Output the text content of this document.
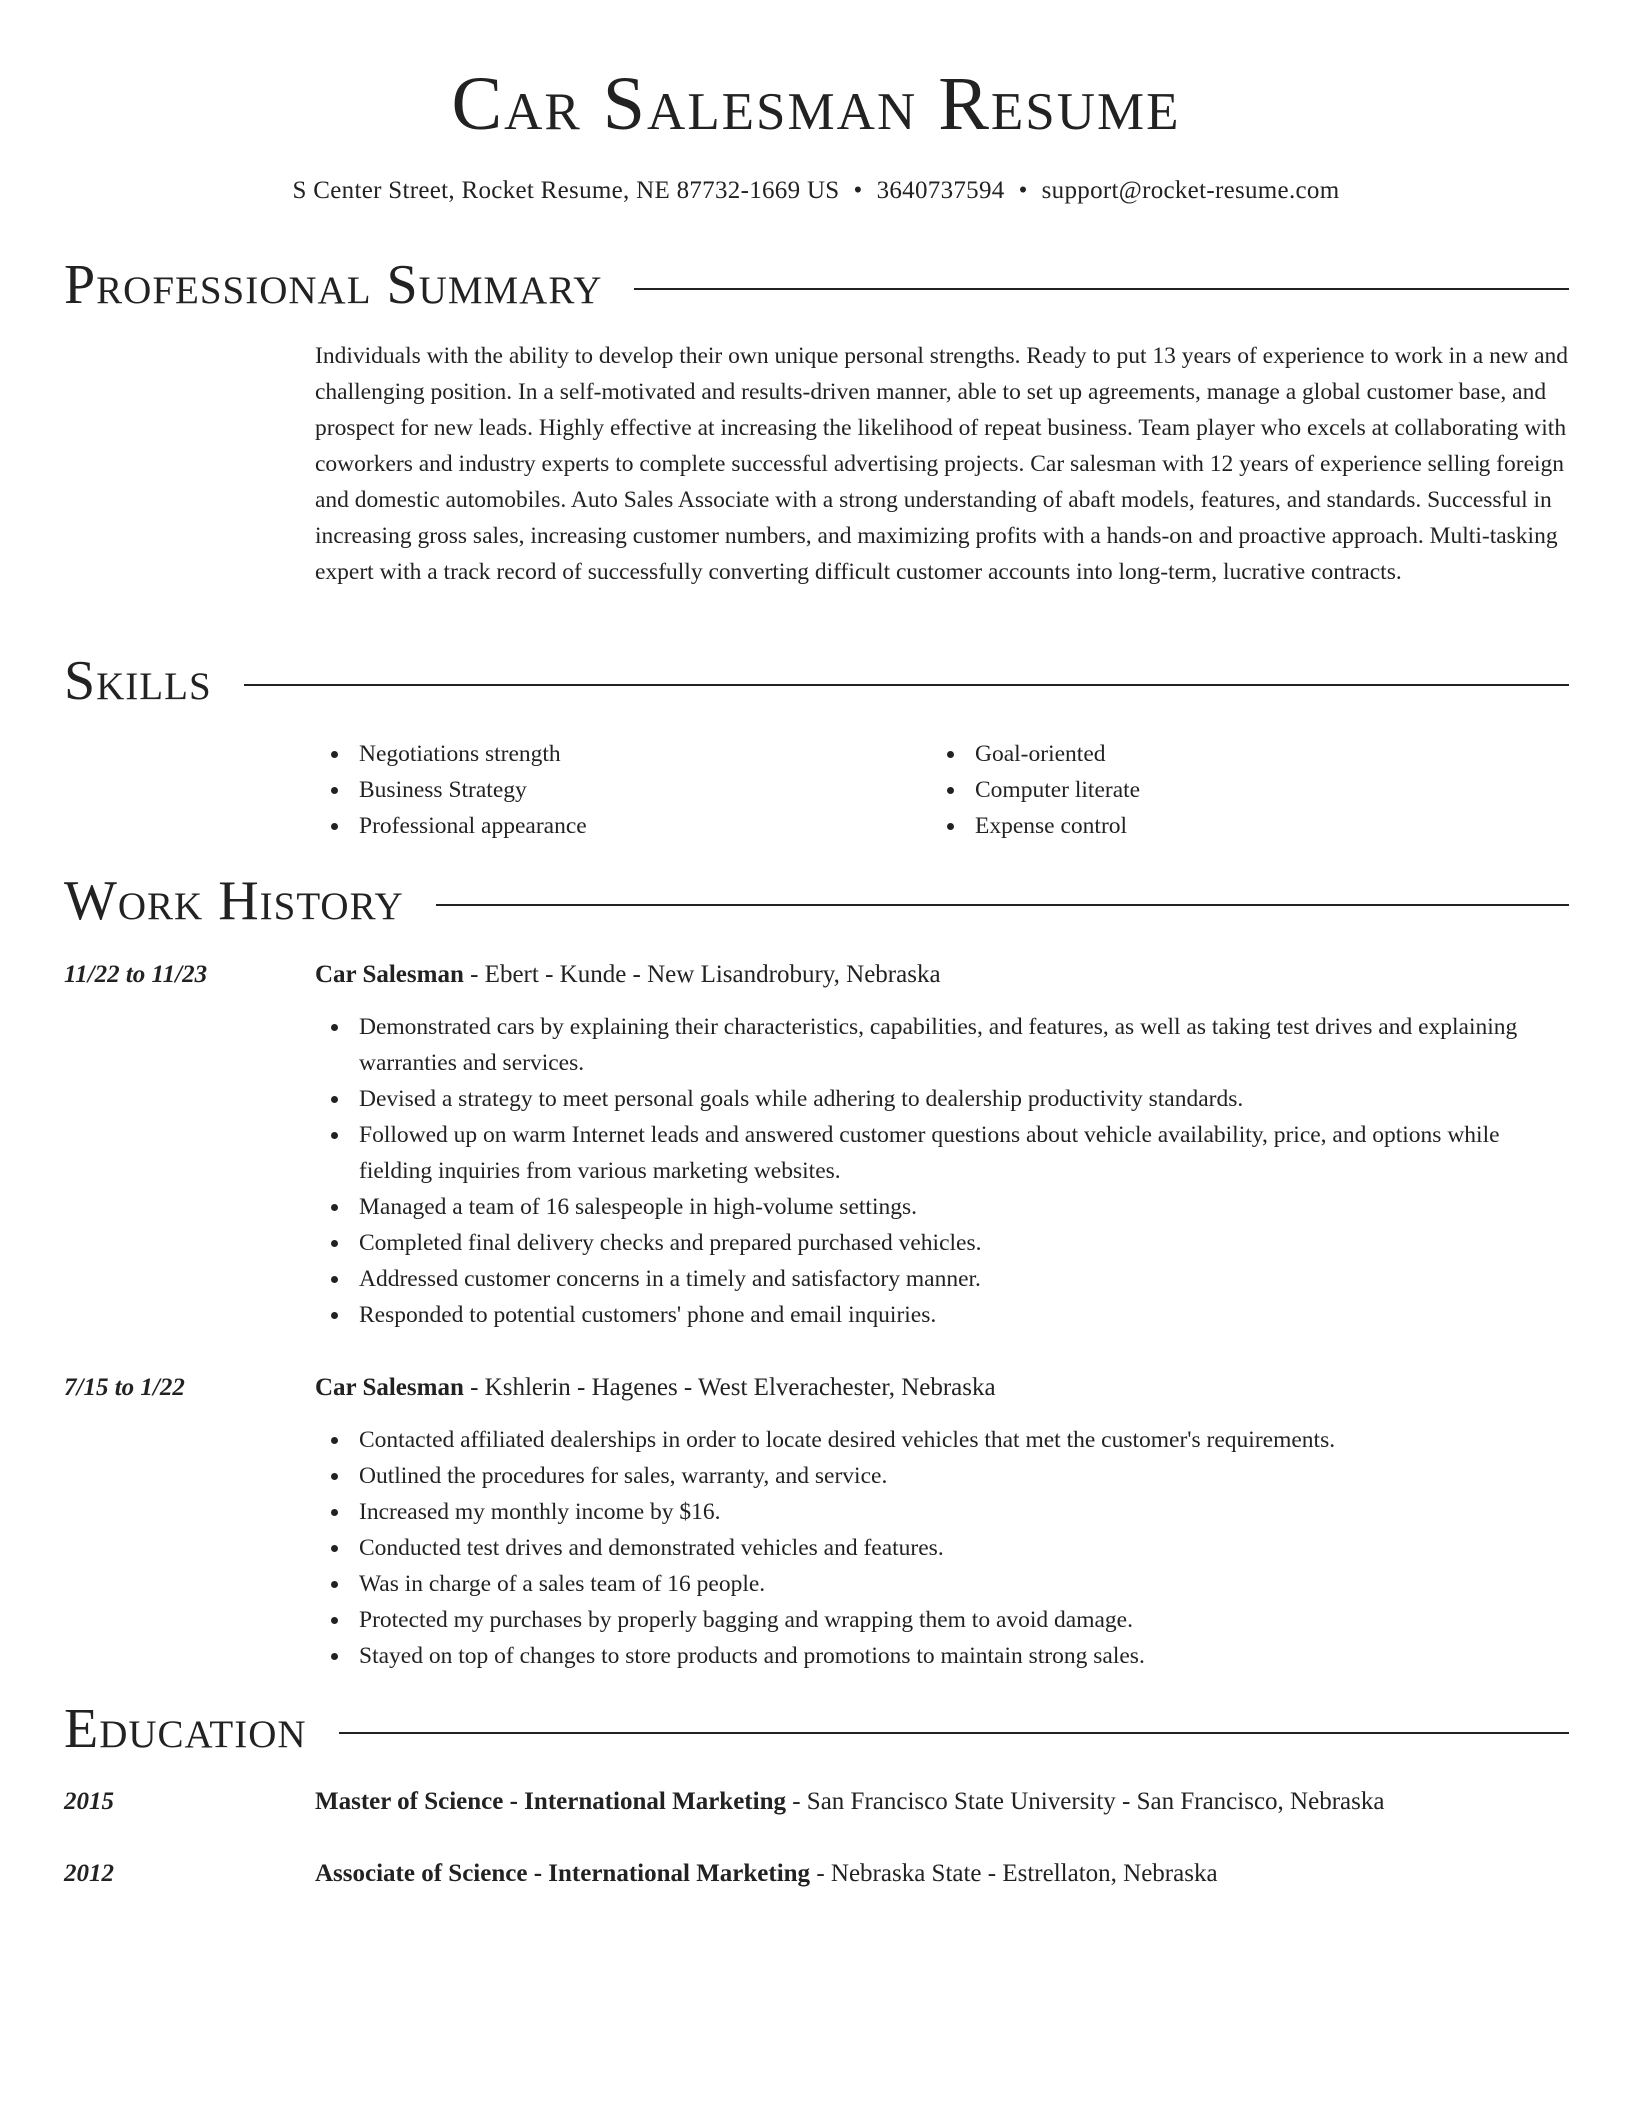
Car Salesman Resume
S Center Street, Rocket Resume, NE 87732-1669 US • 3640737594 • support@rocket-resume.com
Professional Summary

Individuals with the ability to develop their own unique personal strengths. Ready to put 13 years of experience to work in a new and challenging position. In a self-motivated and results-driven manner, able to set up agreements, manage a global customer base, and prospect for new leads. Highly effective at increasing the likelihood of repeat business. Team player who excels at collaborating with coworkers and industry experts to complete successful advertising projects. Car salesman with 12 years of experience selling foreign and domestic automobiles. Auto Sales Associate with a strong understanding of abaft models, features, and standards. Successful in increasing gross sales, increasing customer numbers, and maximizing profits with a hands-on and proactive approach. Multi-tasking expert with a track record of successfully converting difficult customer accounts into long-term, lucrative contracts.

Skills
Negotiations strength
Business Strategy
Professional appearance
Goal-oriented
Computer literate
Expense control
Work History
11/22 to 11/23	Car Salesman - Ebert - Kunde - New Lisandrobury, Nebraska
Demonstrated cars by explaining their characteristics, capabilities, and features, as well as taking test drives and explaining warranties and services.
Devised a strategy to meet personal goals while adhering to dealership productivity standards.
Followed up on warm Internet leads and answered customer questions about vehicle availability, price, and options while fielding inquiries from various marketing websites.
Managed a team of 16 salespeople in high-volume settings.
Completed final delivery checks and prepared purchased vehicles.
Addressed customer concerns in a timely and satisfactory manner.
Responded to potential customers' phone and email inquiries.
7/15 to 1/22	Car Salesman - Kshlerin - Hagenes - West Elverachester, Nebraska
Contacted affiliated dealerships in order to locate desired vehicles that met the customer's requirements.
Outlined the procedures for sales, warranty, and service.
Increased my monthly income by $16.
Conducted test drives and demonstrated vehicles and features.
Was in charge of a sales team of 16 people.
Protected my purchases by properly bagging and wrapping them to avoid damage.
Stayed on top of changes to store products and promotions to maintain strong sales.
Education
2015	Master of Science - International Marketing - San Francisco State University - San Francisco, Nebraska
2012	Associate of Science - International Marketing - Nebraska State - Estrellaton, Nebraska
